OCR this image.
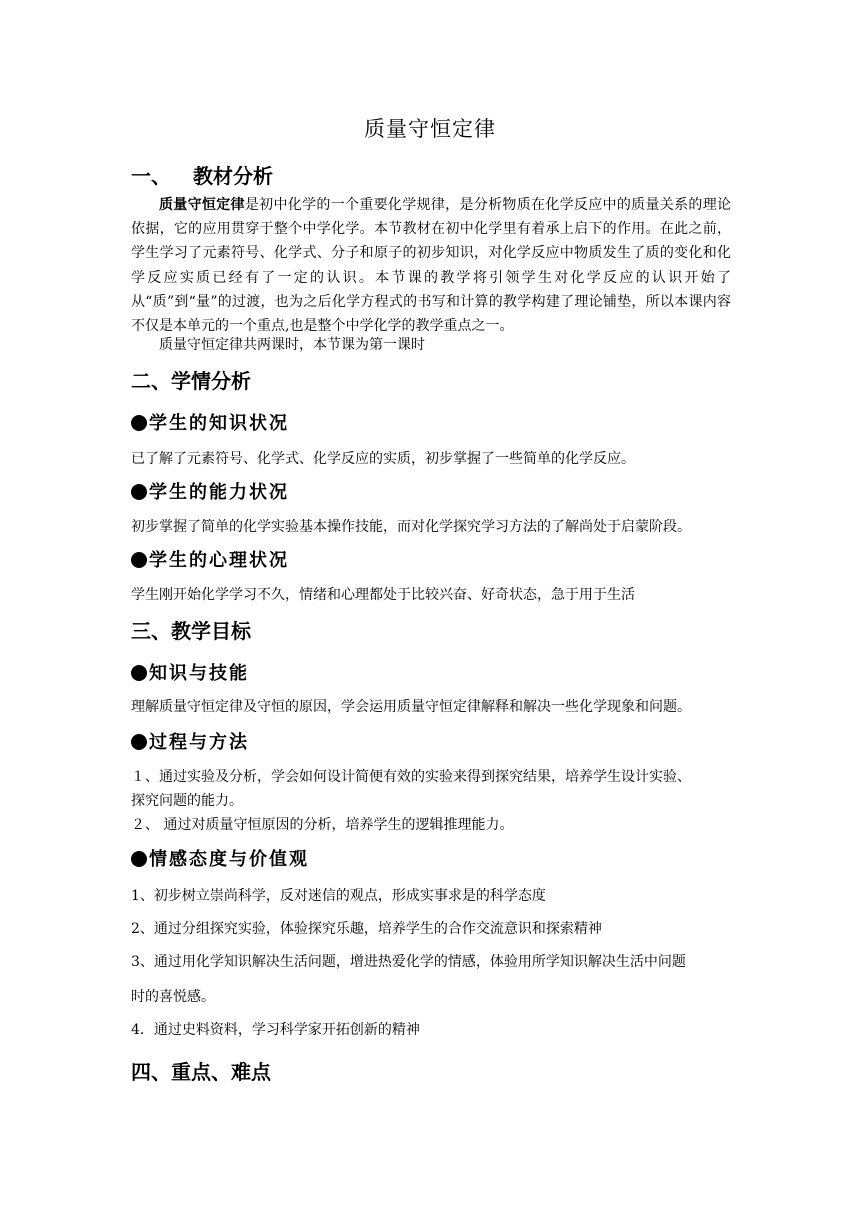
质量守恒定律
一、 教材分析
质量守恒定律是初中化学的一个重要化学规律，是分析物质在化学反应中的质量关系的理论依据，它的应用贯穿于整个中学化学。本节教材在初中化学里有着承上启下的作用。在此之前，学生学习了元素符号、化学式、分子和原子的初步知识，对化学反应中物质发生了质的变化和化学反应实质已经有了一定的认识。本节课的教学将引领学生对化学反应的认识开始了从“质”到“量”的过渡，也为之后化学方程式的书写和计算的教学构建了理论铺垫，所以本课内容不仅是本单元的一个重点,也是整个中学化学的教学重点之一。
质量守恒定律共两课时，本节课为第一课时
二、学情分析
学生的知识状况
已了解了元素符号、化学式、化学反应的实质，初步掌握了一些简单的化学反应。
学生的能力状况
初步掌握了简单的化学实验基本操作技能，而对化学探究学习方法的了解尚处于启蒙阶段。
学生的心理状况
学生刚开始化学学习不久，情绪和心理都处于比较兴奋、好奇状态，急于用于生活
三、教学目标
知识与技能
理解质量守恒定律及守恒的原因，学会运用质量守恒定律解释和解决一些化学现象和问题。
过程与方法
１、通过实验及分析，学会如何设计简便有效的实验来得到探究结果，培养学生设计实验、
探究问题的能力。
２、 通过对质量守恒原因的分析，培养学生的逻辑推理能力。
情感态度与价值观
1、初步树立崇尚科学，反对迷信的观点，形成实事求是的科学态度
2、通过分组探究实验，体验探究乐趣，培养学生的合作交流意识和探索精神
3、通过用化学知识解决生活问题，增进热爱化学的情感，体验用所学知识解决生活中问题
时的喜悦感。
4．通过史料资料，学习科学家开拓创新的精神
四、重点、难点
